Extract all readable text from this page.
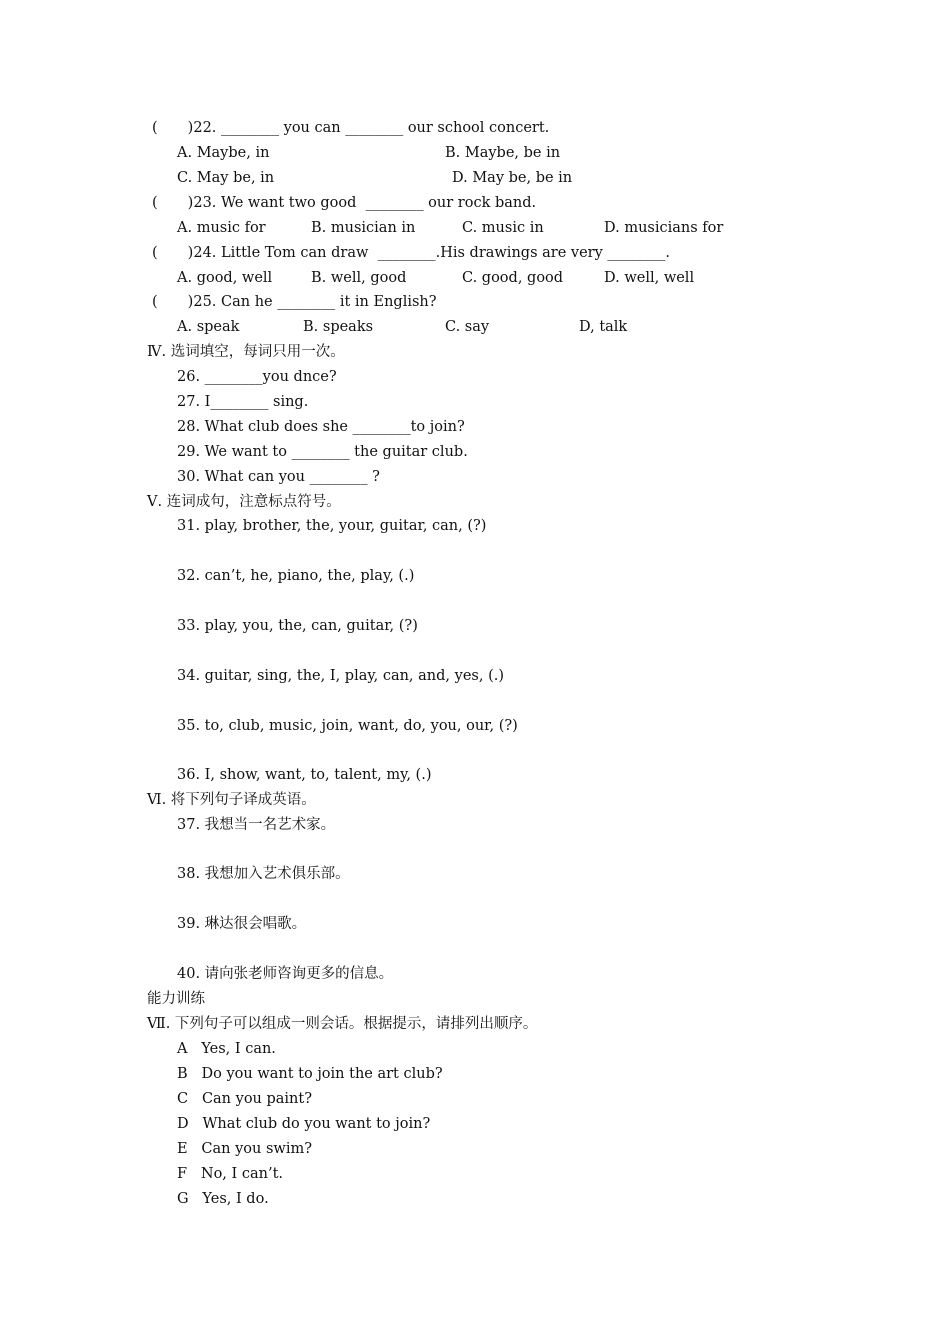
( )22. ________ you can ________ our school concert.
A. Maybe, in	B. Maybe, be in
C. May be, in	D. May be, be in
( )23. We want two good  ________ our rock band.
A. music for	B. musician in	C. music in	D. musicians for
( )24. Little Tom can draw  ________.His drawings are very ________.
A. good, well	B. well, good	C. good, good	D. well, well
( )25. Can he ________ it in English?
A. speak	B. speaks	C. say	D, talk
Ⅳ. 选词填空，每词只用一次。
26. ________you dnce?
27. I________ sing.
28. What club does she ________to join?
29. We want to ________ the guitar club.
30. What can you ________ ?
Ⅴ. 连词成句，注意标点符号。
31. play, brother, the, your, guitar, can, (?)
32. can’t, he, piano, the, play, (.)
33. play, you, the, can, guitar, (?)
34. guitar, sing, the, I, play, can, and, yes, (.)
35. to, club, music, join, want, do, you, our, (?)
36. I, show, want, to, talent, my, (.)
Ⅵ. 将下列句子译成英语。
37. 我想当一名艺术家。
38. 我想加入艺术俱乐部。
39. 琳达很会唱歌。
40. 请向张老师咨询更多的信息。
能力训练
Ⅶ. 下列句子可以组成一则会话。根据提示，请排列出顺序。
A Yes, I can.
B Do you want to join the art club?
C Can you paint?
D What club do you want to join?
E Can you swim?
F No, I can’t.
G Yes, I do.
